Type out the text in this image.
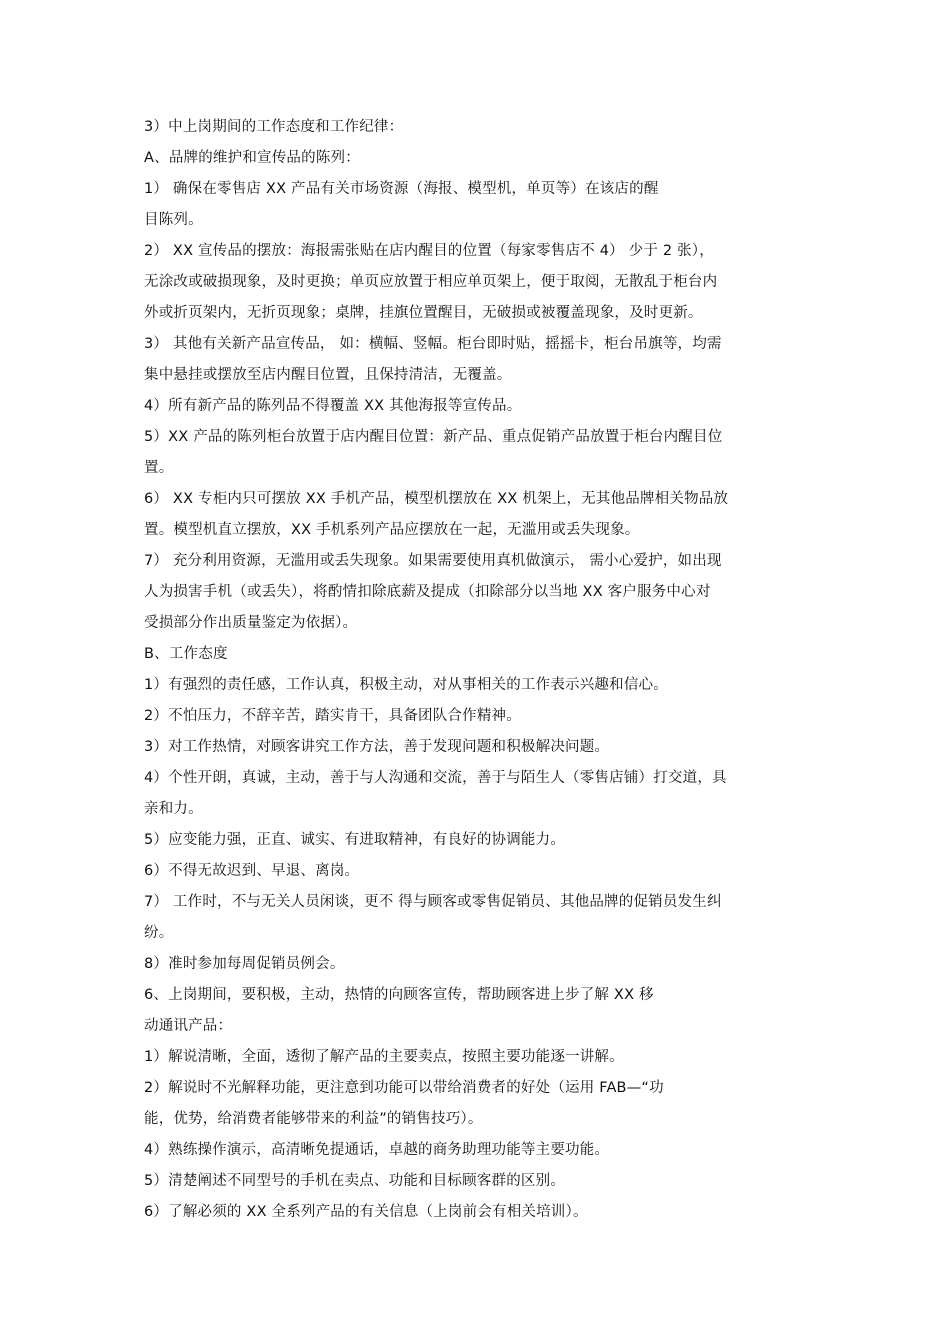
3）中上岗期间的工作态度和工作纪律：
A、品牌的维护和宣传品的陈列：
1） 确保在零售店 XX 产品有关市场资源（海报、模型机，单页等）在该店的醒
目陈列。
2） XX 宣传品的摆放：海报需张贴在店内醒目的位置（每家零售店不 4） 少于 2 张），
无涂改或破损现象，及时更换；单页应放置于相应单页架上，便于取阅，无散乱于柜台内
外或折页架内，无折页现象；桌牌，挂旗位置醒目，无破损或被覆盖现象，及时更新。
3） 其他有关新产品宣传品， 如：横幅、竖幅。柜台即时贴，摇摇卡，柜台吊旗等，均需
集中悬挂或摆放至店内醒目位置，且保持清洁，无覆盖。
4）所有新产品的陈列品不得覆盖 XX 其他海报等宣传品。
5）XX 产品的陈列柜台放置于店内醒目位置：新产品、重点促销产品放置于柜台内醒目位
置。
6） XX 专柜内只可摆放 XX 手机产品，模型机摆放在 XX 机架上，无其他品牌相关物品放
置。模型机直立摆放，XX 手机系列产品应摆放在一起，无滥用或丢失现象。
7） 充分利用资源，无滥用或丢失现象。如果需要使用真机做演示， 需小心爱护，如出现
人为损害手机（或丢失），将酌情扣除底薪及提成（扣除部分以当地 XX 客户服务中心对
受损部分作出质量鉴定为依据）。
B、工作态度
1）有强烈的责任感，工作认真，积极主动，对从事相关的工作表示兴趣和信心。
2）不怕压力，不辞辛苦，踏实肯干，具备团队合作精神。
3）对工作热情，对顾客讲究工作方法，善于发现问题和积极解决问题。
4）个性开朗，真诚，主动，善于与人沟通和交流，善于与陌生人（零售店铺）打交道，具
亲和力。
5）应变能力强，正直、诚实、有进取精神，有良好的协调能力。
6）不得无故迟到、早退、离岗。
7） 工作时，不与无关人员闲谈，更不 得与顾客或零售促销员、其他品牌的促销员发生纠
纷。
8）准时参加每周促销员例会。
6、上岗期间，要积极，主动，热情的向顾客宣传，帮助顾客进上步了解 XX 移
动通讯产品：
1）解说清晰，全面，透彻了解产品的主要卖点，按照主要功能逐一讲解。
2）解说时不光解释功能，更注意到功能可以带给消费者的好处（运用 FAB—“功
能，优势，给消费者能够带来的利益”的销售技巧）。
4）熟练操作演示，高清晰免提通话，卓越的商务助理功能等主要功能。
5）清楚阐述不同型号的手机在卖点、功能和目标顾客群的区别。
6）了解必须的 XX 全系列产品的有关信息（上岗前会有相关培训）。
